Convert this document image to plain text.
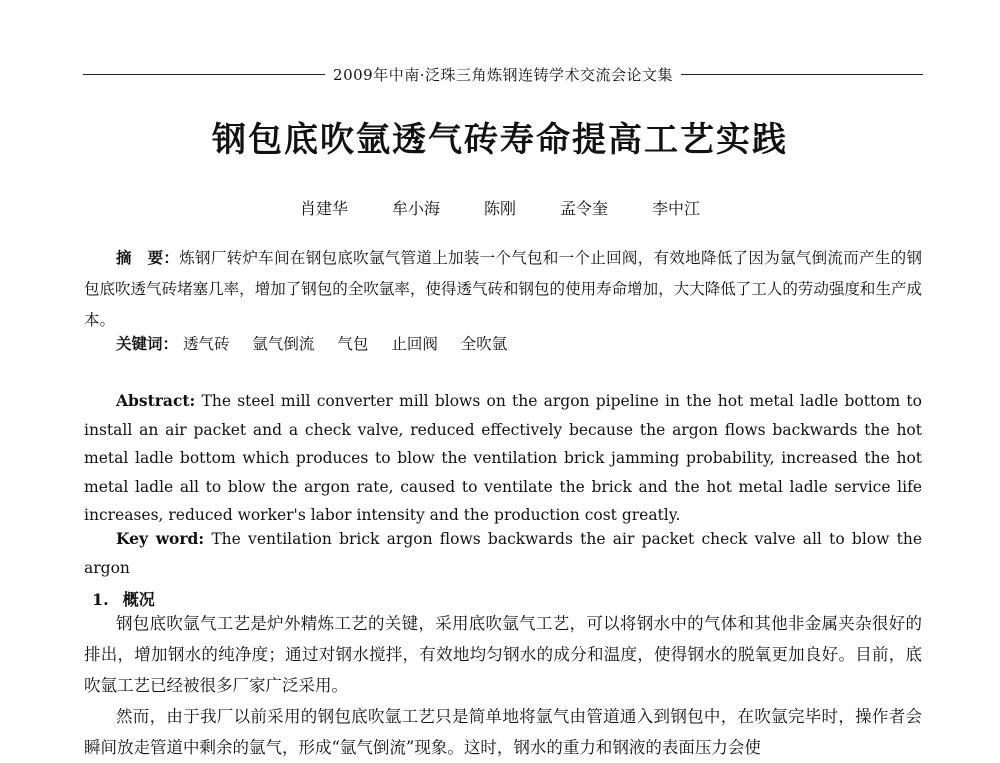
2009年中南·泛珠三角炼钢连铸学术交流会论文集
钢包底吹氩透气砖寿命提高工艺实践
肖建华	牟小海	陈刚	孟令奎	李中江

摘　要：炼钢厂转炉车间在钢包底吹氩气管道上加装一个气包和一个止回阀，有效地降低了因为氩气倒流而产生的钢包底吹透气砖堵塞几率，增加了钢包的全吹氩率，使得透气砖和钢包的使用寿命增加，大大降低了工人的劳动强度和生产成本。

关键词： 透气砖 氩气倒流 气包 止回阀 全吹氩

Abstract: The steel mill converter mill blows on the argon pipeline in the hot metal ladle bottom to install an air packet and a check valve, reduced effectively because the argon flows backwards the hot metal ladle bottom which produces to blow the ventilation brick jamming probability, increased the hot metal ladle all to blow the argon rate, caused to ventilate the brick and the hot metal ladle service life increases, reduced worker's labor intensity and the production cost greatly.

Key word: The ventilation brick argon flows backwards the air packet check valve all to blow the argon

1. 概况

钢包底吹氩气工艺是炉外精炼工艺的关键，采用底吹氩气工艺，可以将钢水中的气体和其他非金属夹杂很好的排出，增加钢水的纯净度；通过对钢水搅拌，有效地均匀钢水的成分和温度，使得钢水的脱氧更加良好。目前，底吹氩工艺已经被很多厂家广泛采用。

然而，由于我厂以前采用的钢包底吹氩工艺只是简单地将氩气由管道通入到钢包中，在吹氩完毕时，操作者会瞬间放走管道中剩余的氩气，形成“氩气倒流”现象。这时，钢水的重力和钢液的表面压力会使
